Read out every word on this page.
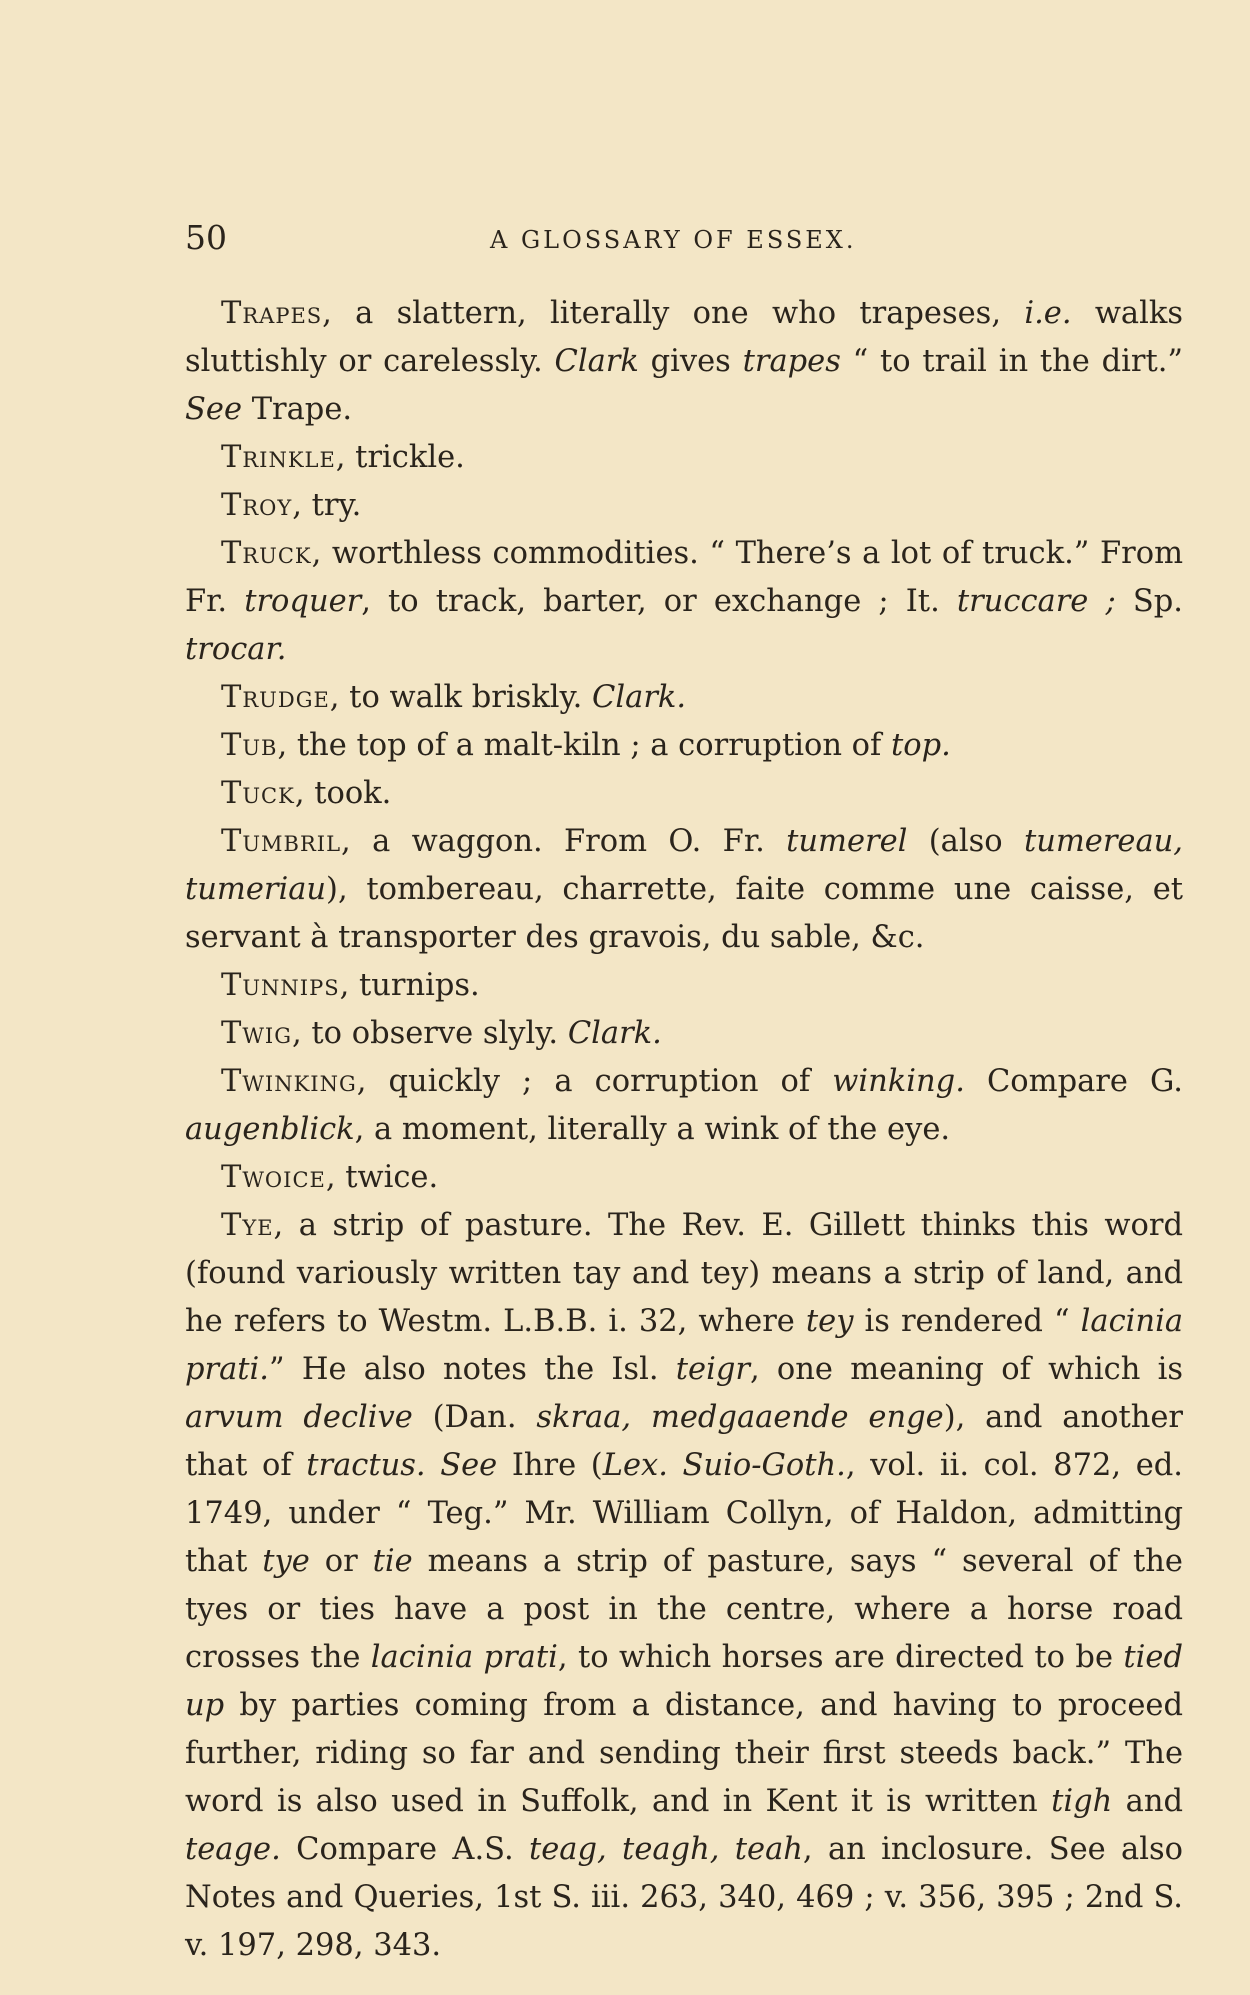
50	A GLOSSARY OF ESSEX.

Trapes, a slattern, literally one who trapeses, i.e. walks sluttishly or carelessly. Clark gives trapes “ to trail in the dirt.” See Trape.

Trinkle, trickle.

Troy, try.

Truck, worthless commodities. “ There’s a lot of truck.” From Fr. troquer, to track, barter, or exchange ; It. truccare ; Sp. trocar.

Trudge, to walk briskly. Clark.

Tub, the top of a malt-kiln ; a corruption of top.

Tuck, took.

Tumbril, a waggon. From O. Fr. tumerel (also tumereau, tumeriau), tombereau, charrette, faite comme une caisse, et servant à transporter des gravois, du sable, &c.

Tunnips, turnips.

Twig, to observe slyly. Clark.

Twinking, quickly ; a corruption of winking. Compare G. augenblick, a moment, literally a wink of the eye.

Twoice, twice.

Tye, a strip of pasture. The Rev. E. Gillett thinks this word (found variously written tay and tey) means a strip of land, and he refers to Westm. L.B.B. i. 32, where tey is rendered “ lacinia prati.” He also notes the Isl. teigr, one meaning of which is arvum declive (Dan. skraa, medgaaende enge), and another that of tractus. See Ihre (Lex. Suio-Goth., vol. ii. col. 872, ed. 1749, under “ Teg.” Mr. William Collyn, of Haldon, admitting that tye or tie means a strip of pasture, says “ several of the tyes or ties have a post in the centre, where a horse road crosses the lacinia prati, to which horses are directed to be tied up by parties coming from a distance, and having to proceed further, riding so far and sending their first steeds back.” The word is also used in Suffolk, and in Kent it is written tigh and teage. Compare A.S. teag, teagh, teah, an inclosure. See also Notes and Queries, 1st S. iii. 263, 340, 469 ; v. 356, 395 ; 2nd S. v. 197, 298, 343.
